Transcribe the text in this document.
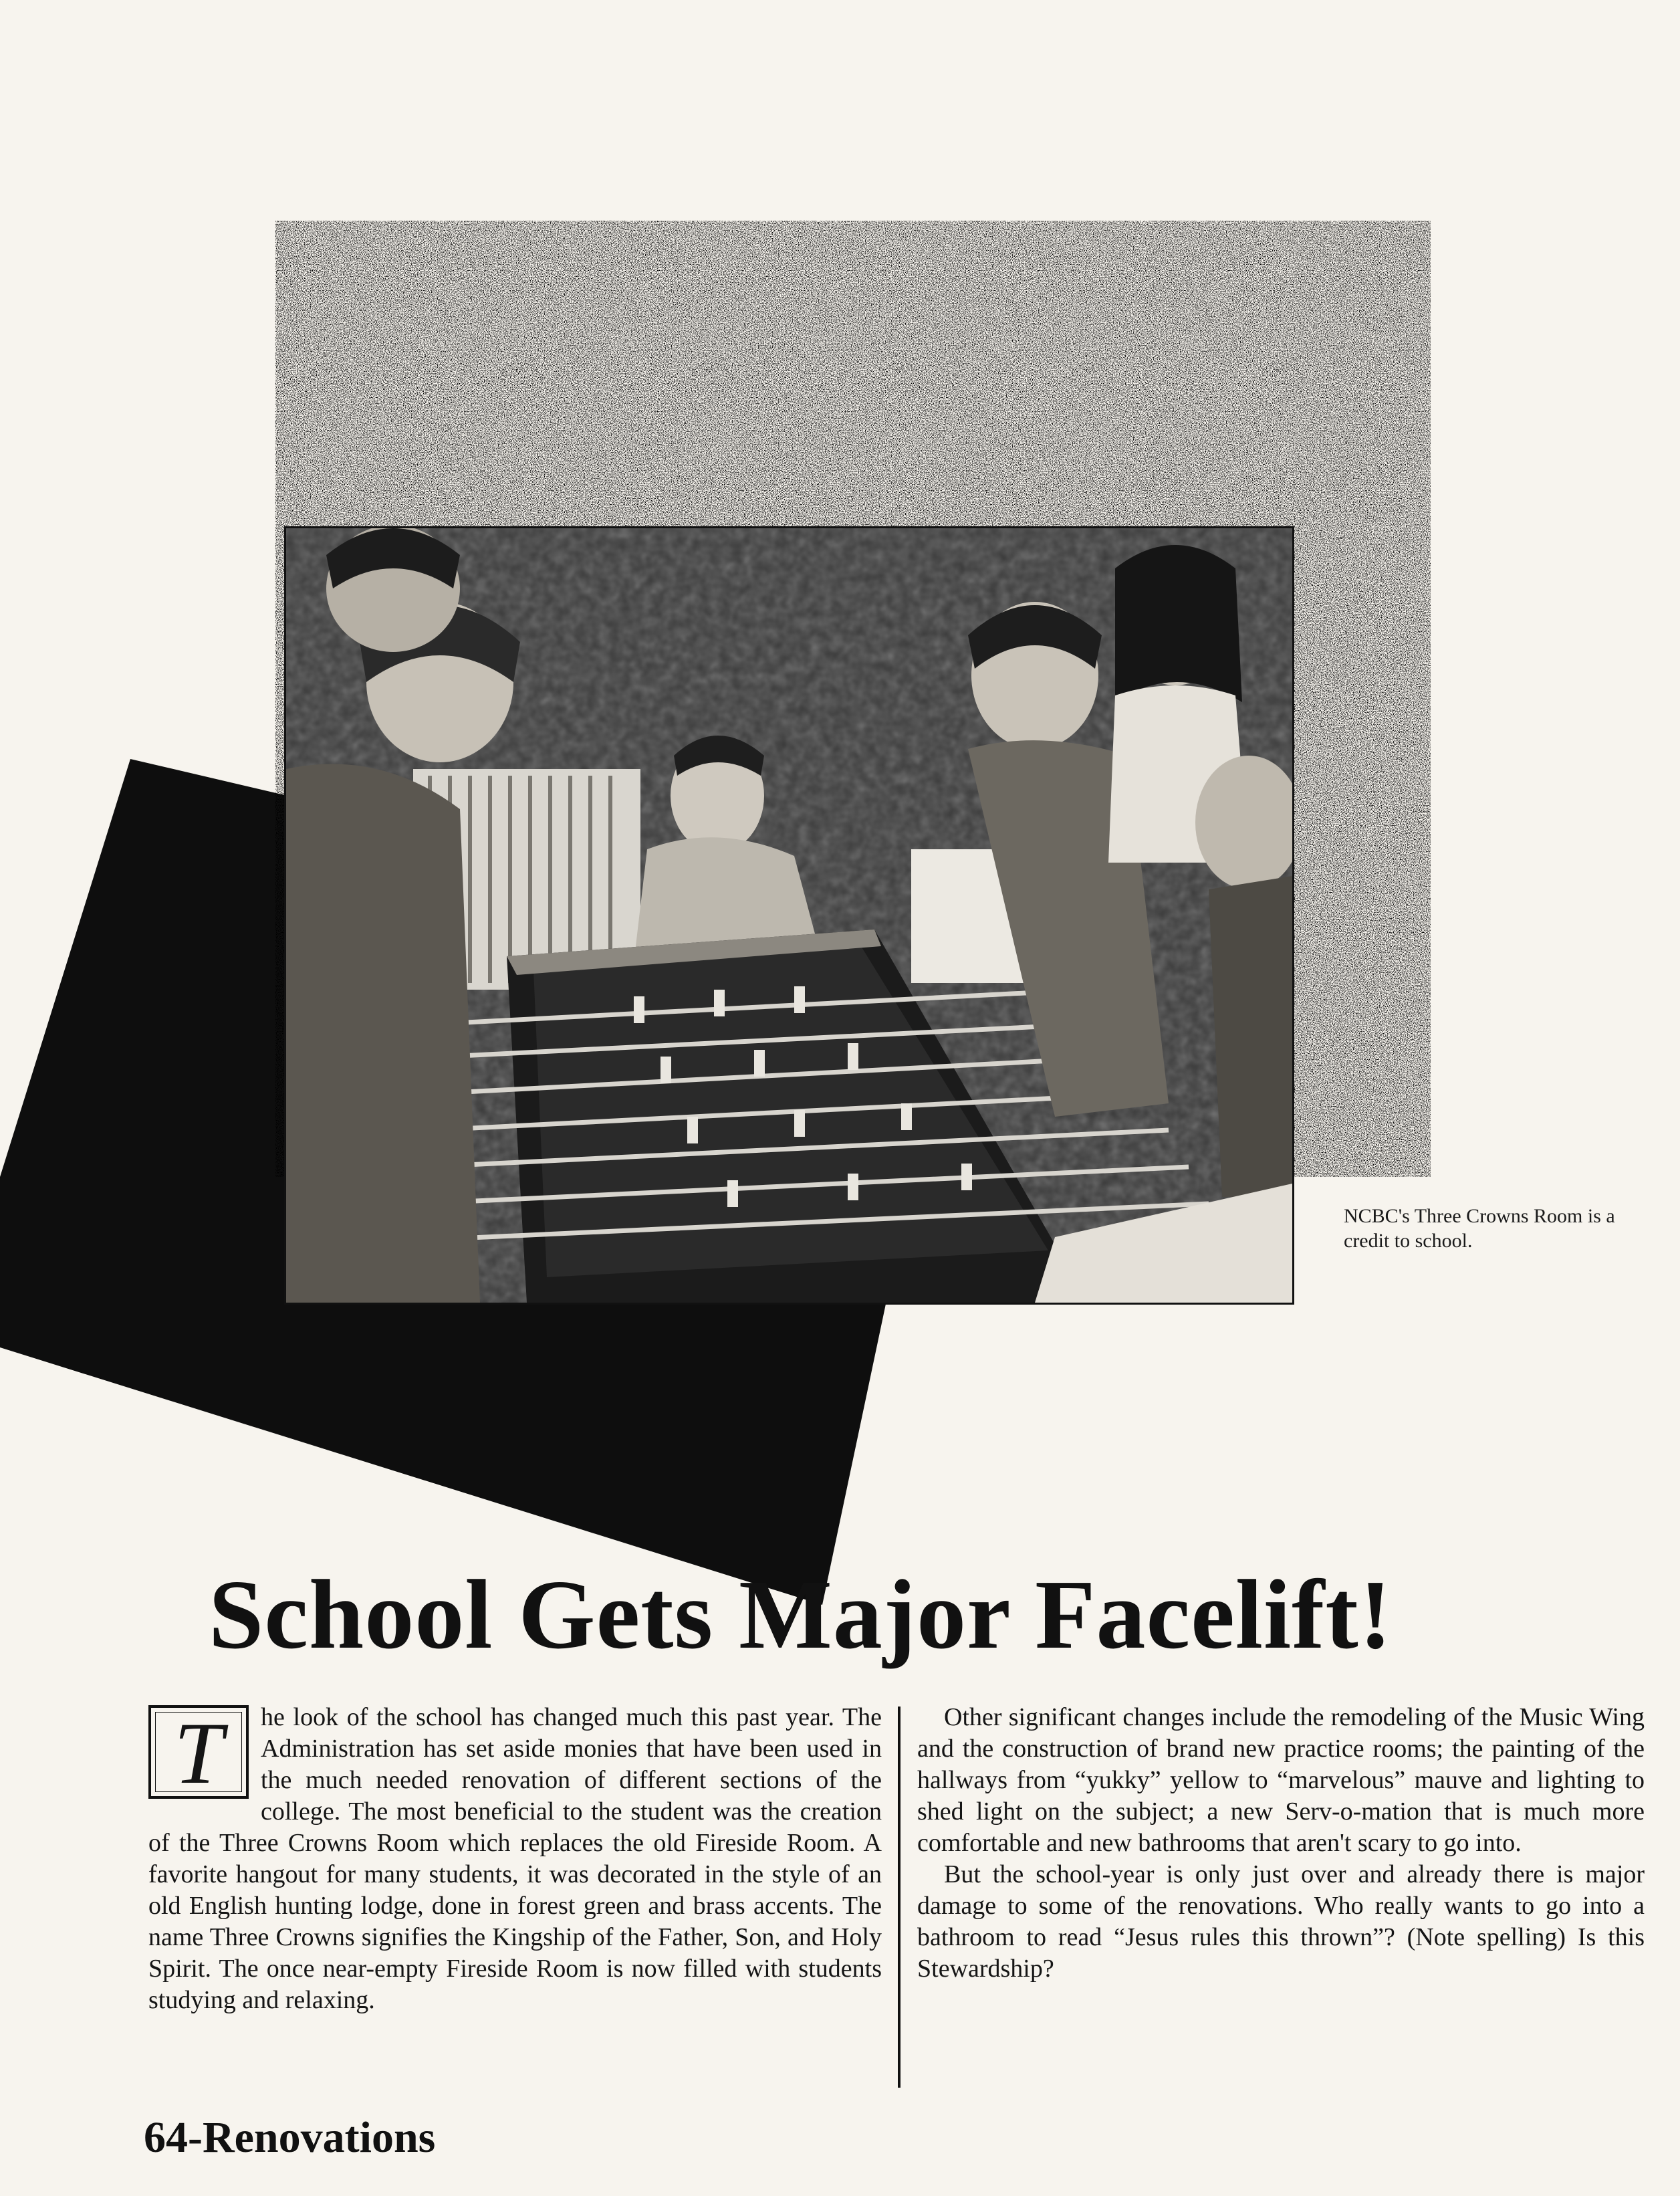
NCBC's Three Crowns Room is a credit to school.
School Gets Major Facelift!
T	he look of the school has changed much this past year. The Administration has set aside monies that have been used in the much needed renovation of different sections of the college. The most beneficial to the student was the creation of the Three Crowns Room which replaces the old Fireside Room. A favorite hangout for many students, it was decorated in the style of an old English hunting lodge, done in forest green and brass accents. The name Three Crowns signifies the Kingship of the Father, Son, and Holy Spirit. The once near-empty Fireside Room is now filled with students studying and relaxing.

Other significant changes include the remodeling of the Music Wing and the construction of brand new practice rooms; the painting of the hallways from “yukky” yellow to “marvelous” mauve and lighting to shed light on the subject; a new Serv-o-mation that is much more comfortable and new bathrooms that aren't scary to go into.

But the school-year is only just over and already there is major damage to some of the renovations. Who really wants to go into a bathroom to read “Jesus rules this thrown”? (Note spelling) Is this Stewardship?

64-Renovations
